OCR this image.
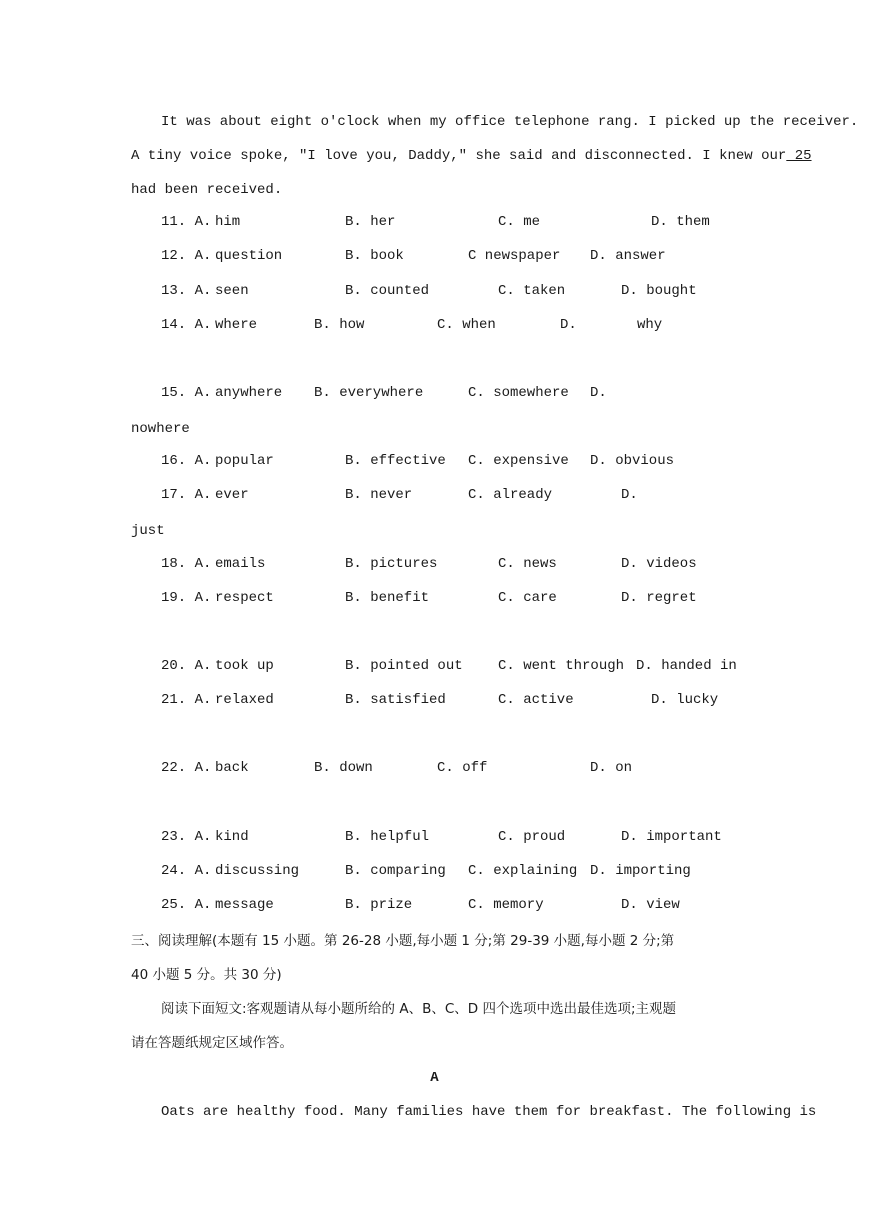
It was about eight o'clock when my office telephone rang. I picked up the receiver.
A tiny voice spoke, "I love you, Daddy," she said and disconnected. I knew our 25
had been received.
11. A. him	B. her	C. me	D. them
12. A. question	B. book	C newspaper D. answer
13. A. seen	B. counted	C. taken	D. bought
14. A. where	B. how	C. when	D.	why
15. A. anywhere B. everywhere	C. somewhere D.
nowhere
16. A. popular	B. effective C. expensive D. obvious
17. A. ever	B. never	C. already	D.
just
18. A. emails	B. pictures	C. news	D. videos
19. A. respect	B. benefit	C. care	D. regret
20. A. took up	B. pointed out	C. went through D. handed in
21. A. relaxed	B. satisfied	C. active	D. lucky
22. A. back	B. down	C. off	D. on
23. A. kind	B. helpful	C. proud	D. important
24. A. discussing	B. comparing C. explaining D. importing
25. A. message	B. prize	C. memory	D. view
三、阅读理解(本题有 15 小题。第 26-28 小题,每小题 1 分;第 29-39 小题,每小题 2 分;第
40 小题 5 分。共 30 分)
阅读下面短文:客观题请从每小题所给的 A、B、C、D 四个选项中选出最佳选项;主观题
请在答题纸规定区域作答。
A
Oats are healthy food. Many families have them for breakfast. The following is
